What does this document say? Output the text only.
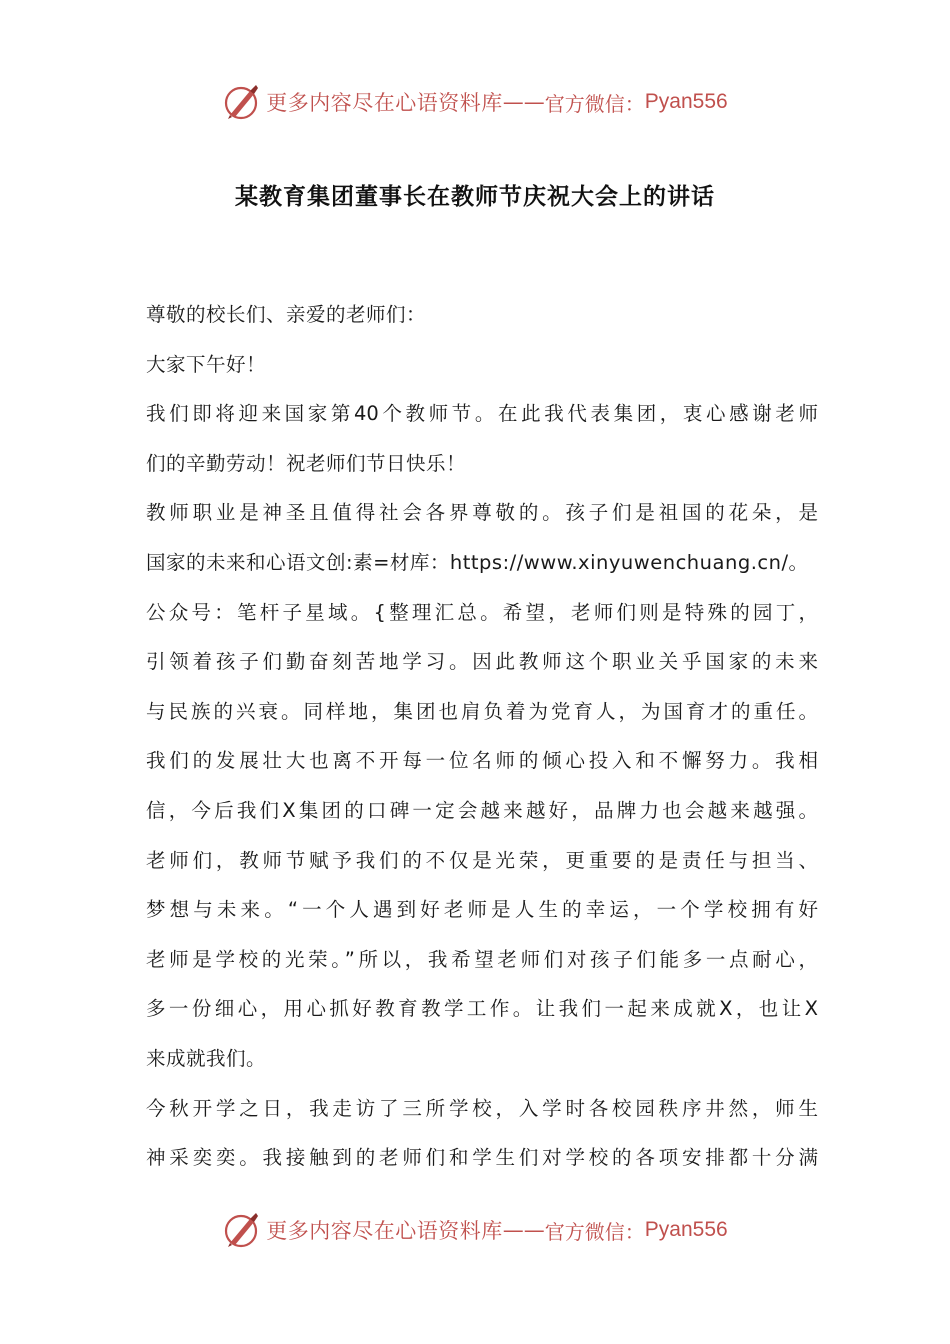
更多内容尽在心语资料库 —— 官方微信： Pyan556
某教育集团董事长在教师节庆祝大会上的讲话
尊敬的校长们、亲爱的老师们：
大家下午好！
我们即将迎来国家第40个教师节。在此我代表集团，衷心感谢老师
们的辛勤劳动！祝老师们节日快乐！
教师职业是神圣且值得社会各界尊敬的。孩子们是祖国的花朵，是
国家的未来和心语文创:素=材库：https://www.xinyuwenchuang.cn/。
公众号：笔杆子星域。{整理汇总。希望，老师们则是特殊的园丁，
引领着孩子们勤奋刻苦地学习。因此教师这个职业关乎国家的未来
与民族的兴衰。同样地，集团也肩负着为党育人，为国育才的重任。
我们的发展壮大也离不开每一位名师的倾心投入和不懈努力。我相
信，今后我们X集团的口碑一定会越来越好，品牌力也会越来越强。
老师们，教师节赋予我们的不仅是光荣，更重要的是责任与担当、
梦想与未来。“一个人遇到好老师是人生的幸运，一个学校拥有好
老师是学校的光荣。”所以，我希望老师们对孩子们能多一点耐心，
多一份细心，用心抓好教育教学工作。让我们一起来成就X，也让X
来成就我们。
今秋开学之日，我走访了三所学校，入学时各校园秩序井然，师生
神采奕奕。我接触到的老师们和学生们对学校的各项安排都十分满
更多内容尽在心语资料库 —— 官方微信： Pyan556
